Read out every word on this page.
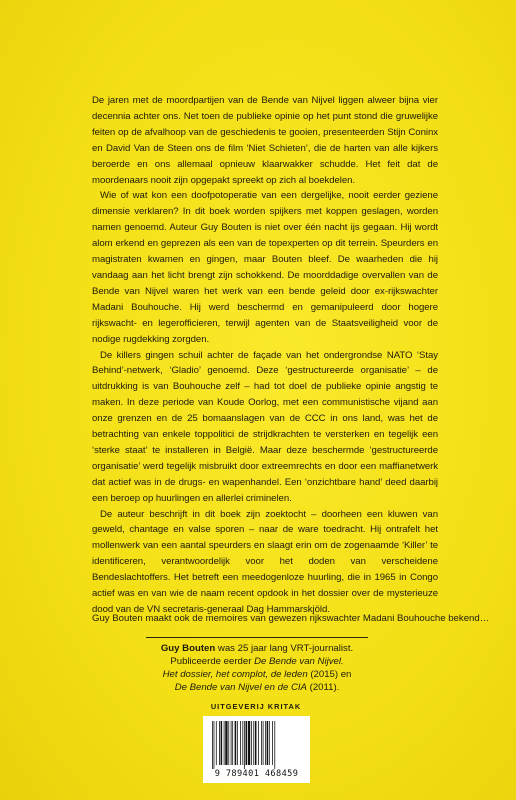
De jaren met de moordpartijen van de Bende van Nijvel liggen alweer bijna vier decennia achter ons. Net toen de publieke opinie op het punt stond die gruwelijke feiten op de afvalhoop van de geschiedenis te gooien, presenteerden Stijn Coninx en David Van de Steen ons de film ‘Niet Schieten’, die de harten van alle kijkers beroerde en ons allemaal opnieuw klaarwakker schudde. Het feit dat de moordenaars nooit zijn opgepakt spreekt op zich al boekdelen.

Wie of wat kon een doofpotoperatie van een dergelijke, nooit eerder geziene dimensie verklaren? In dit boek worden spijkers met koppen geslagen, worden namen genoemd. Auteur Guy Bouten is niet over één nacht ijs gegaan. Hij wordt alom erkend en geprezen als een van de topexperten op dit terrein. Speurders en magistraten kwamen en gingen, maar Bouten bleef. De waarheden die hij vandaag aan het licht brengt zijn schokkend. De moorddadige overvallen van de Bende van Nijvel waren het werk van een bende geleid door ex-rijkswachter Madani Bouhouche. Hij werd beschermd en gemanipuleerd door hogere rijkswacht- en legerofficieren, terwijl agenten van de Staatsveiligheid voor de nodige rugdekking zorgden.

De killers gingen schuil achter de façade van het ondergrondse NATO ‘Stay Behind’-netwerk, ‘Gladio’ genoemd. Deze ‘gestructureerde organisatie’ – de uitdrukking is van Bouhouche zelf – had tot doel de publieke opinie angstig te maken. In deze periode van Koude Oorlog, met een communistische vijand aan onze grenzen en de 25 bomaanslagen van de CCC in ons land, was het de betrachting van enkele toppolitici de strijdkrachten te versterken en tegelijk een ‘sterke staat’ te installeren in België. Maar deze beschermde ‘gestructureerde organisatie’ werd tegelijk misbruikt door extreemrechts en door een maffianetwerk dat actief was in de drugs- en wapenhandel. Een ‘onzichtbare hand’ deed daarbij een beroep op huurlingen en allerlei criminelen.

De auteur beschrijft in dit boek zijn zoektocht – doorheen een kluwen van geweld, chantage en valse sporen – naar de ware toedracht. Hij ontrafelt het mollenwerk van een aantal speurders en slaagt erin om de zogenaamde ‘Killer’ te identificeren, verantwoordelijk voor het doden van verscheidene Bendeslachtoffers. Het betreft een meedogenloze huurling, die in 1965 in Congo actief was en van wie de naam recent opdook in het dossier over de mysterieuze dood van de VN secretaris-generaal Dag Hammarskjöld.

Guy Bouten maakt ook de memoires van gewezen rijkswachter Madani Bouhouche bekend…
Guy Bouten was 25 jaar lang VRT-journalist.
Publiceerde eerder De Bende van Nijvel.
Het dossier, het complot, de leden (2015) en
De Bende van Nijvel en de CIA (2011).
UITGEVERIJ KRITAK
9 789401 468459
